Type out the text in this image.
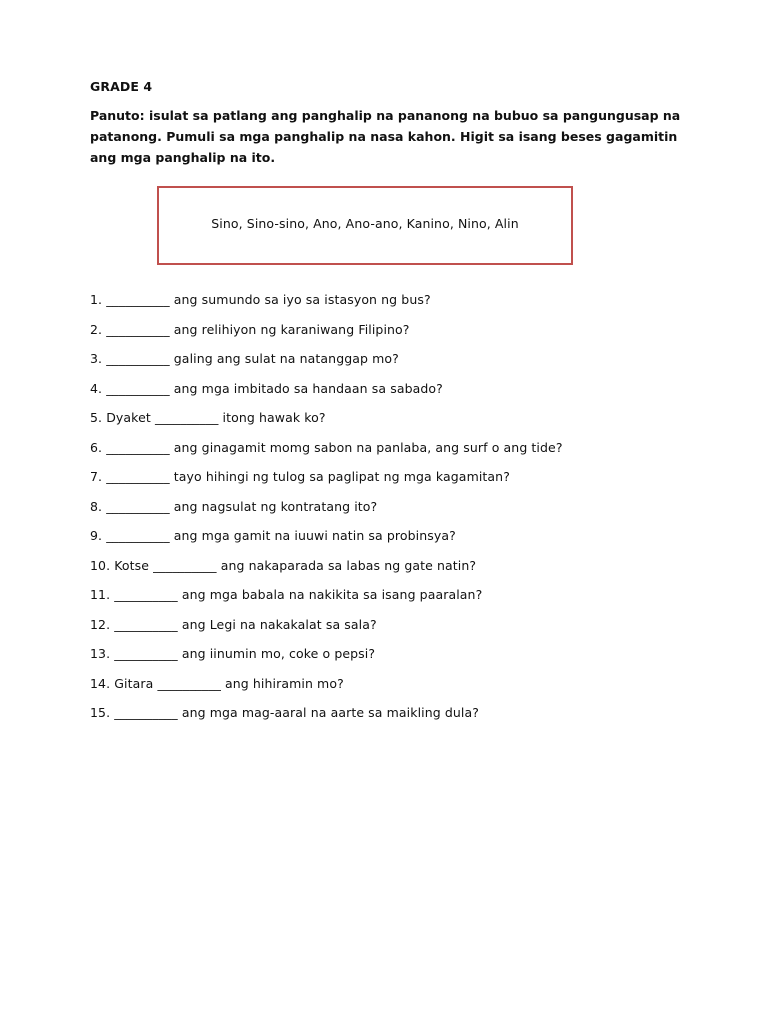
GRADE 4
Panuto: isulat sa patlang ang panghalip na pananong na bubuo sa pangungusap na patanong. Pumuli sa mga panghalip na nasa kahon. Higit sa isang beses gagamitin ang mga panghalip na ito.
Sino, Sino-sino, Ano, Ano-ano, Kanino, Nino, Alin
1. __________ ang sumundo sa iyo sa istasyon ng bus?
2. __________ ang relihiyon ng karaniwang Filipino?
3. __________ galing ang sulat na natanggap mo?
4. __________ ang mga imbitado sa handaan sa sabado?
5. Dyaket __________ itong hawak ko?
6. __________ ang ginagamit momg sabon na panlaba, ang surf o ang tide?
7. __________ tayo hihingi ng tulog sa paglipat ng mga kagamitan?
8. __________ ang nagsulat ng kontratang ito?
9. __________ ang mga gamit na iuuwi natin sa probinsya?
10. Kotse __________ ang nakaparada sa labas ng gate natin?
11. __________ ang mga babala na nakikita sa isang paaralan?
12. __________ ang Legi na nakakalat sa sala?
13. __________ ang iinumin mo, coke o pepsi?
14. Gitara __________ ang hihiramin mo?
15. __________ ang mga mag-aaral na aarte sa maikling dula?
